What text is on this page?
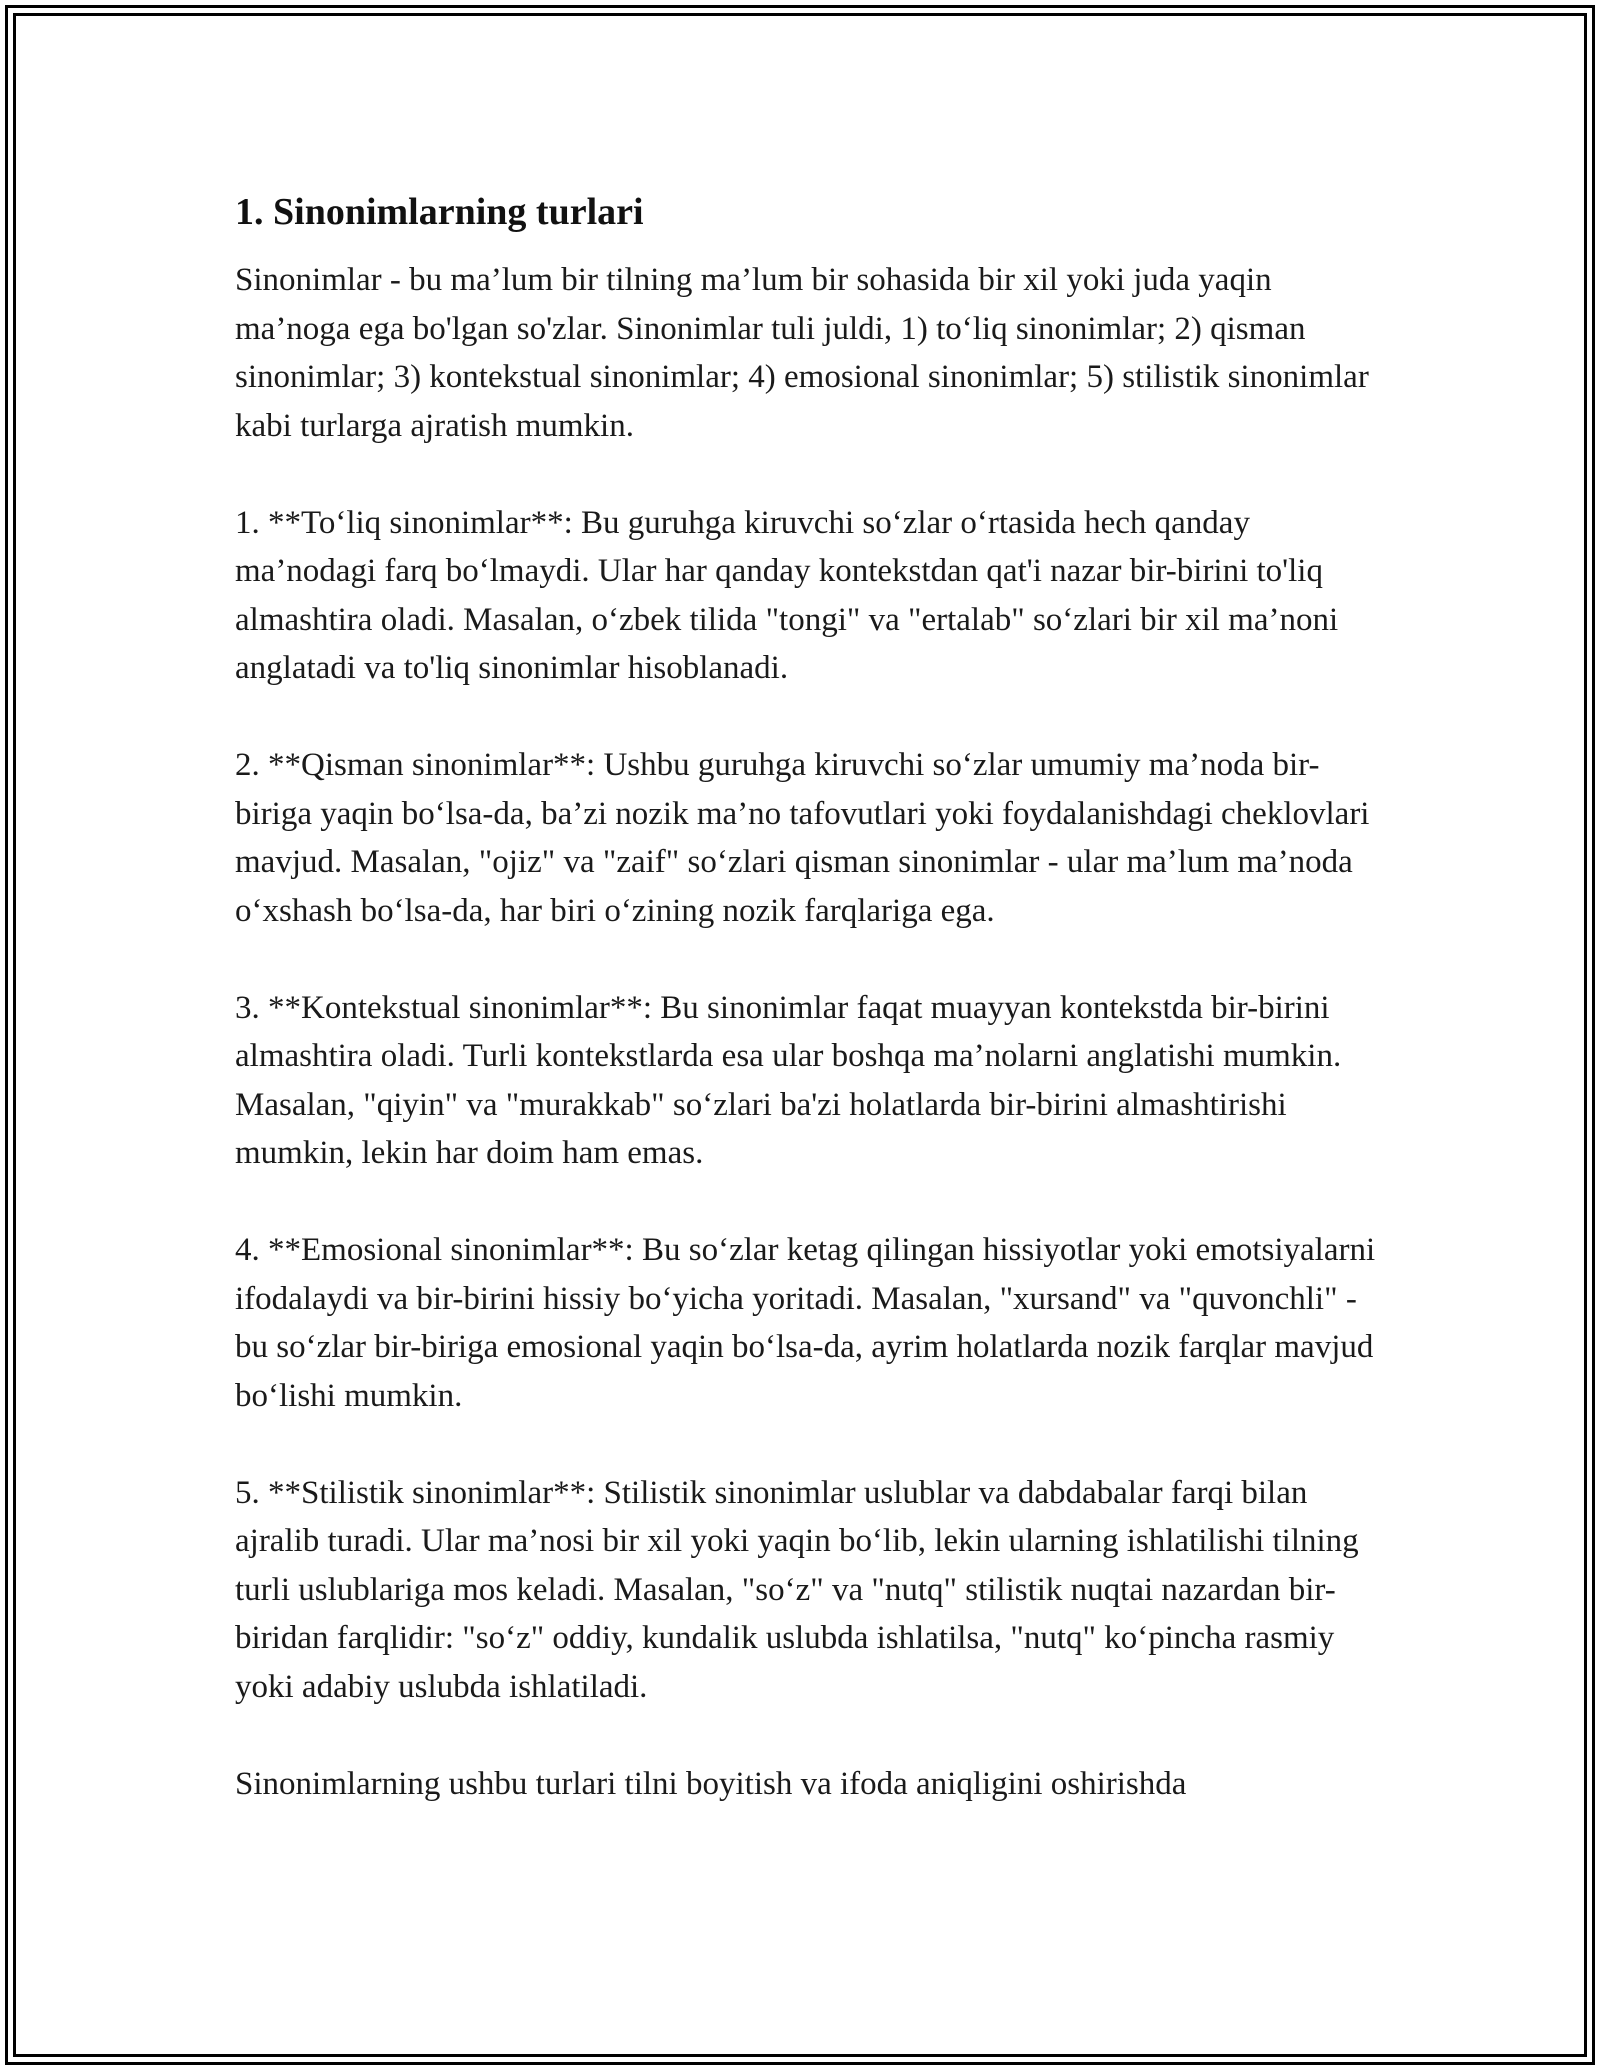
1. Sinonimlarning turlari

Sinonimlar - bu ma’lum bir tilning ma’lum bir sohasida bir xil yoki juda yaqin ma’noga ega bo'lgan so'zlar. Sinonimlar tuli juldi, 1) to‘liq sinonimlar; 2) qisman sinonimlar; 3) kontekstual sinonimlar; 4) emosional sinonimlar; 5) stilistik sinonimlar kabi turlarga ajratish mumkin.

1. **To‘liq sinonimlar**: Bu guruhga kiruvchi so‘zlar o‘rtasida hech qanday ma’nodagi farq bo‘lmaydi. Ular har qanday kontekstdan qat'i nazar bir-birini to'liq almashtira oladi. Masalan, o‘zbek tilida "tongi" va "ertalab" so‘zlari bir xil ma’noni anglatadi va to'liq sinonimlar hisoblanadi.

2. **Qisman sinonimlar**: Ushbu guruhga kiruvchi so‘zlar umumiy ma’noda bir-biriga yaqin bo‘lsa-da, ba’zi nozik ma’no tafovutlari yoki foydalanishdagi cheklovlari mavjud. Masalan, "ojiz" va "zaif" so‘zlari qisman sinonimlar - ular ma’lum ma’noda o‘xshash bo‘lsa-da, har biri o‘zining nozik farqlariga ega.

3. **Kontekstual sinonimlar**: Bu sinonimlar faqat muayyan kontekstda bir-birini almashtira oladi. Turli kontekstlarda esa ular boshqa ma’nolarni anglatishi mumkin. Masalan, "qiyin" va "murakkab" so‘zlari ba'zi holatlarda bir-birini almashtirishi mumkin, lekin har doim ham emas.

4. **Emosional sinonimlar**: Bu so‘zlar ketag qilingan hissiyotlar yoki emotsiyalarni ifodalaydi va bir-birini hissiy bo‘yicha yoritadi. Masalan, "xursand" va "quvonchli" - bu so‘zlar bir-biriga emosional yaqin bo‘lsa-da, ayrim holatlarda nozik farqlar mavjud bo‘lishi mumkin.

5. **Stilistik sinonimlar**: Stilistik sinonimlar uslublar va dabdabalar farqi bilan ajralib turadi. Ular ma’nosi bir xil yoki yaqin bo‘lib, lekin ularning ishlatilishi tilning turli uslublariga mos keladi. Masalan, "so‘z" va "nutq" stilistik nuqtai nazardan bir-biridan farqlidir: "so‘z" oddiy, kundalik uslubda ishlatilsa, "nutq" ko‘pincha rasmiy yoki adabiy uslubda ishlatiladi.

Sinonimlarning ushbu turlari tilni boyitish va ifoda aniqligini oshirishda
